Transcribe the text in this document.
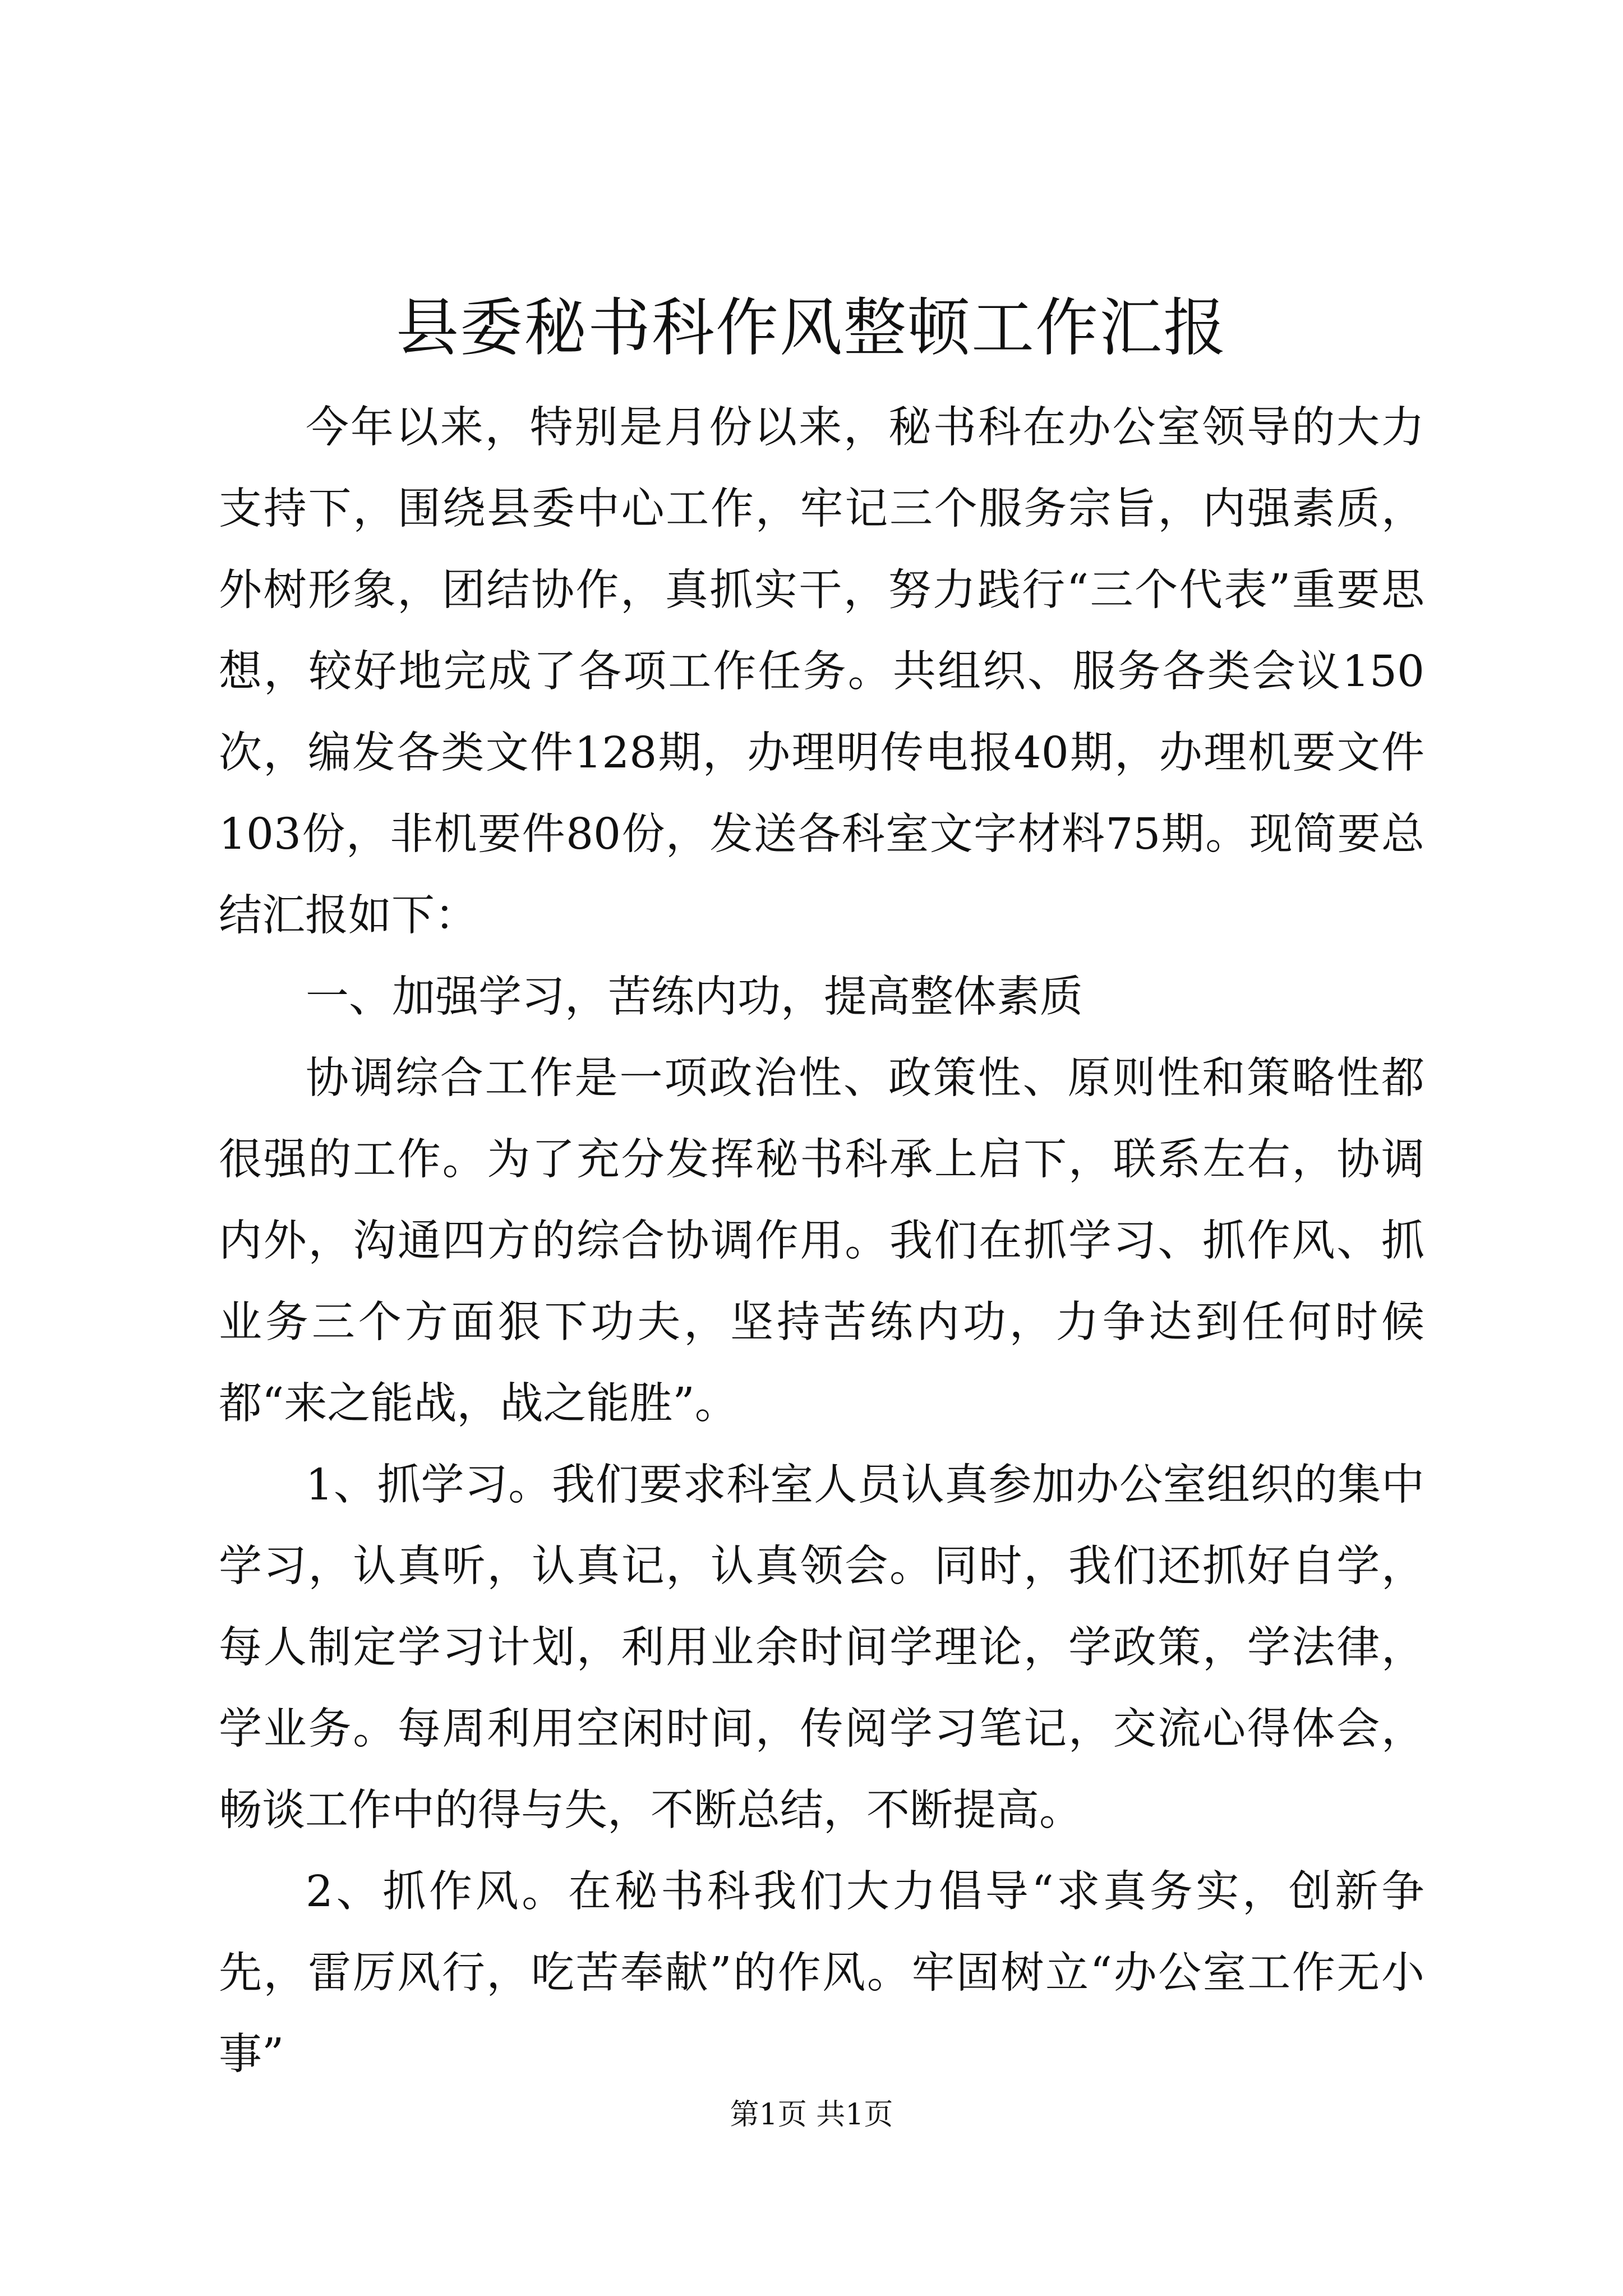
县委秘书科作风整顿工作汇报

今年以来，特别是月份以来，秘书科在办公室领导的大力支持下，围绕县委中心工作，牢记三个服务宗旨，内强素质，外树形象，团结协作，真抓实干，努力践行“三个代表”重要思想，较好地完成了各项工作任务。共组织、服务各类会议150次，编发各类文件128期，办理明传电报40期，办理机要文件103份，非机要件80份，发送各科室文字材料75期。现简要总结汇报如下：

一、加强学习，苦练内功，提高整体素质

协调综合工作是一项政治性、政策性、原则性和策略性都很强的工作。为了充分发挥秘书科承上启下，联系左右，协调内外，沟通四方的综合协调作用。我们在抓学习、抓作风、抓业务三个方面狠下功夫，坚持苦练内功，力争达到任何时候都“来之能战，战之能胜”。

1、抓学习。我们要求科室人员认真参加办公室组织的集中学习，认真听，认真记，认真领会。同时，我们还抓好自学，每人制定学习计划，利用业余时间学理论，学政策，学法律，学业务。每周利用空闲时间，传阅学习笔记，交流心得体会，畅谈工作中的得与失，不断总结，不断提高。

2、抓作风。在秘书科我们大力倡导“求真务实，创新争先，雷厉风行，吃苦奉献”的作风。牢固树立“办公室工作无小事”

第1页 共1页
